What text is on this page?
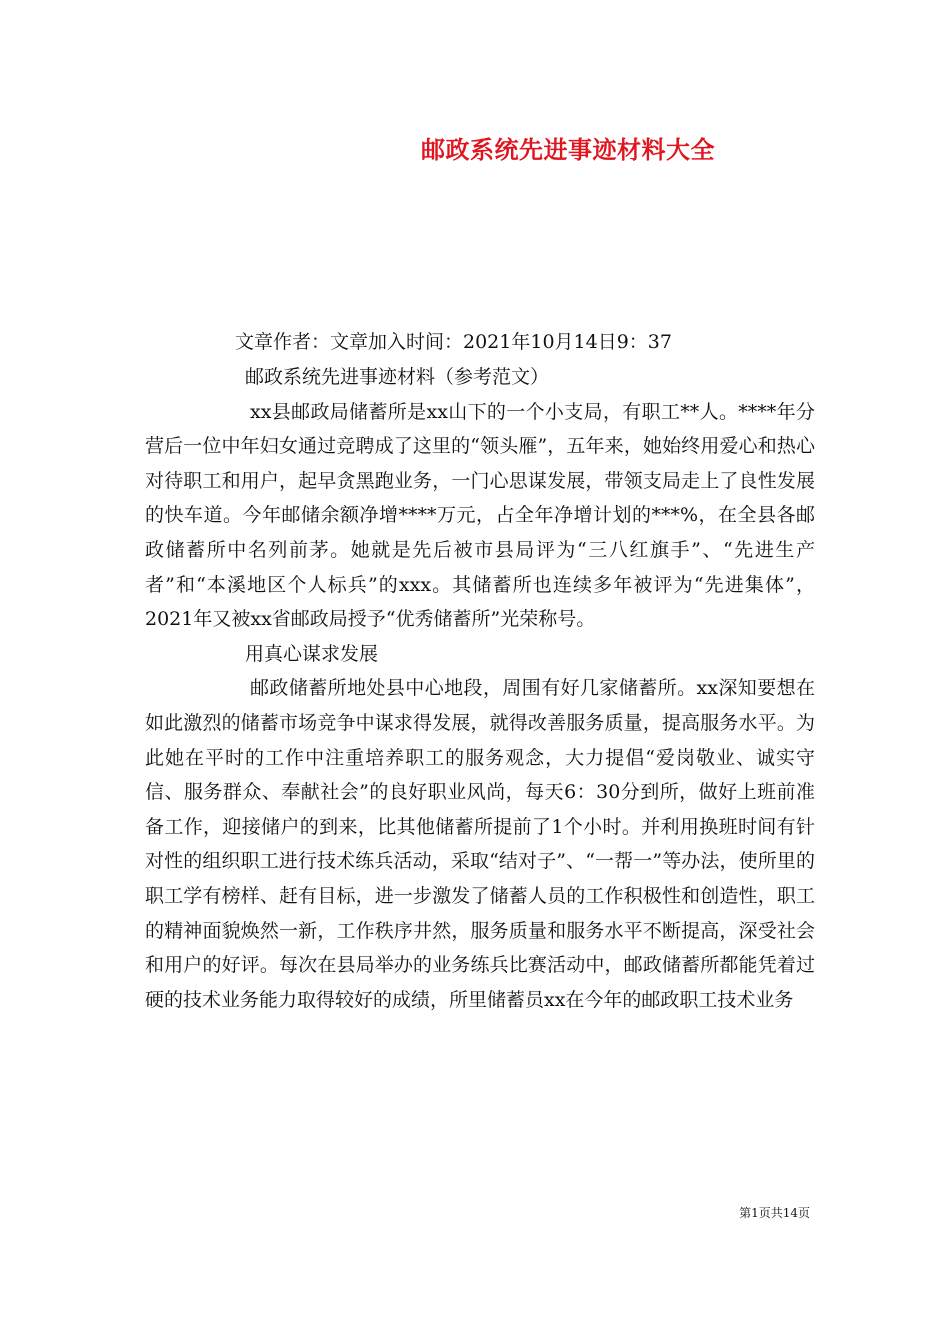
邮政系统先进事迹材料大全
文章作者：文章加入时间：2021年10月14日9：37

邮政系统先进事迹材料（参考范文）

xx县邮政局储蓄所是xx山下的一个小支局，有职工**人。****年分营后一位中年妇女通过竞聘成了这里的“领头雁”，五年来，她始终用爱心和热心对待职工和用户，起早贪黑跑业务，一门心思谋发展，带领支局走上了良性发展的快车道。今年邮储余额净增****万元，占全年净增计划的***%，在全县各邮政储蓄所中名列前茅。她就是先后被市县局评为“三八红旗手”、“先进生产者”和“本溪地区个人标兵”的xxx。其储蓄所也连续多年被评为“先进集体”，2021年又被xx省邮政局授予“优秀储蓄所”光荣称号。

用真心谋求发展

邮政储蓄所地处县中心地段，周围有好几家储蓄所。xx深知要想在如此激烈的储蓄市场竞争中谋求得发展，就得改善服务质量，提高服务水平。为此她在平时的工作中注重培养职工的服务观念，大力提倡“爱岗敬业、诚实守信、服务群众、奉献社会”的良好职业风尚，每天6：30分到所，做好上班前准备工作，迎接储户的到来，比其他储蓄所提前了1个小时。并利用换班时间有针对性的组织职工进行技术练兵活动，采取“结对子”、“一帮一”等办法，使所里的职工学有榜样、赶有目标，进一步激发了储蓄人员的工作积极性和创造性，职工的精神面貌焕然一新，工作秩序井然，服务质量和服务水平不断提高，深受社会和用户的好评。每次在县局举办的业务练兵比赛活动中，邮政储蓄所都能凭着过硬的技术业务能力取得较好的成绩，所里储蓄员xx在今年的邮政职工技术业务

第1页共14页
